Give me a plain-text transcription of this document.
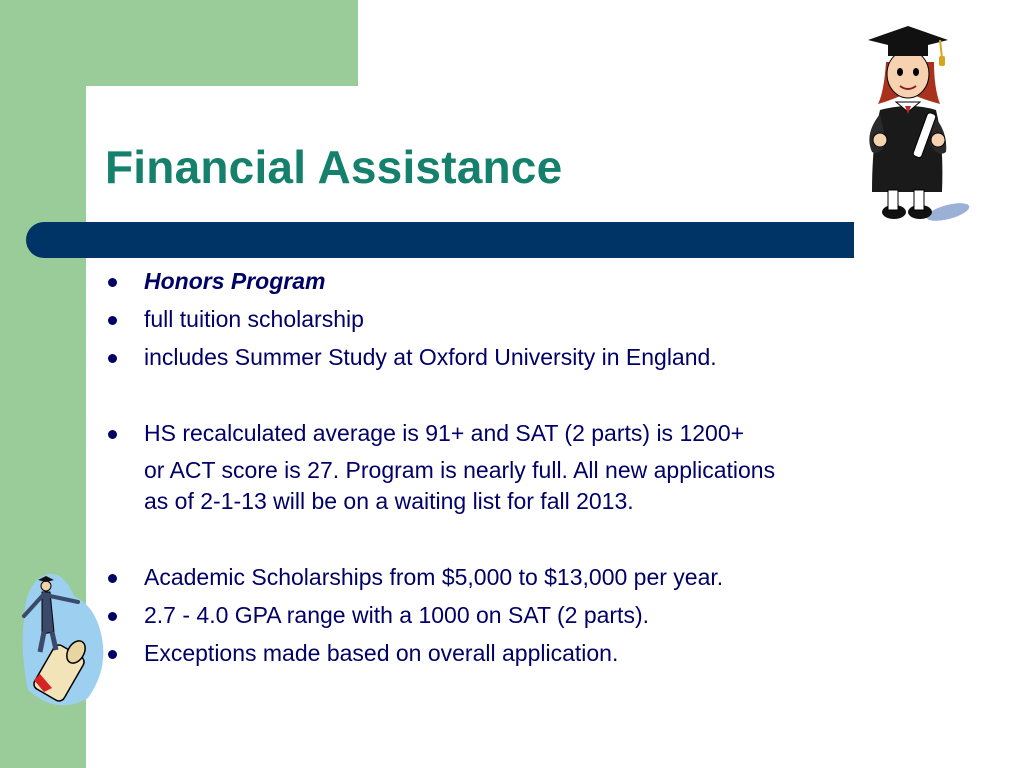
Financial Assistance
Honors Program
full tuition scholarship
includes Summer Study at Oxford University in England.
HS recalculated average is 91+ and SAT (2 parts) is 1200+
or ACT score is 27. Program is nearly full. All new applications
as of 2-1-13 will be on a waiting list for fall 2013.
Academic Scholarships from $5,000 to $13,000 per year.
2.7 - 4.0 GPA range with a 1000 on SAT (2 parts).
Exceptions made based on overall application.
